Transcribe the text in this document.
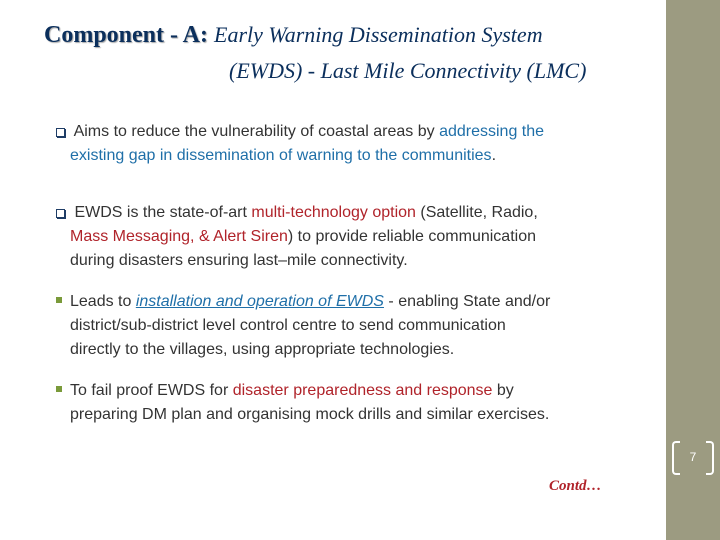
Component - A: Early Warning Dissemination System
(EWDS) - Last Mile Connectivity (LMC)
Aims to reduce the vulnerability of coastal areas by addressing the
existing gap in dissemination of warning to the communities.
EWDS is the state-of-art multi-technology option (Satellite, Radio,
Mass Messaging, & Alert Siren) to provide reliable communication
during disasters ensuring last–mile connectivity.
Leads to installation and operation of EWDS - enabling State and/or
district/sub-district level control centre to send communication
directly to the villages, using appropriate technologies.
To fail proof EWDS for disaster preparedness and response by
preparing DM plan and organising mock drills and similar exercises.
7
Contd…
